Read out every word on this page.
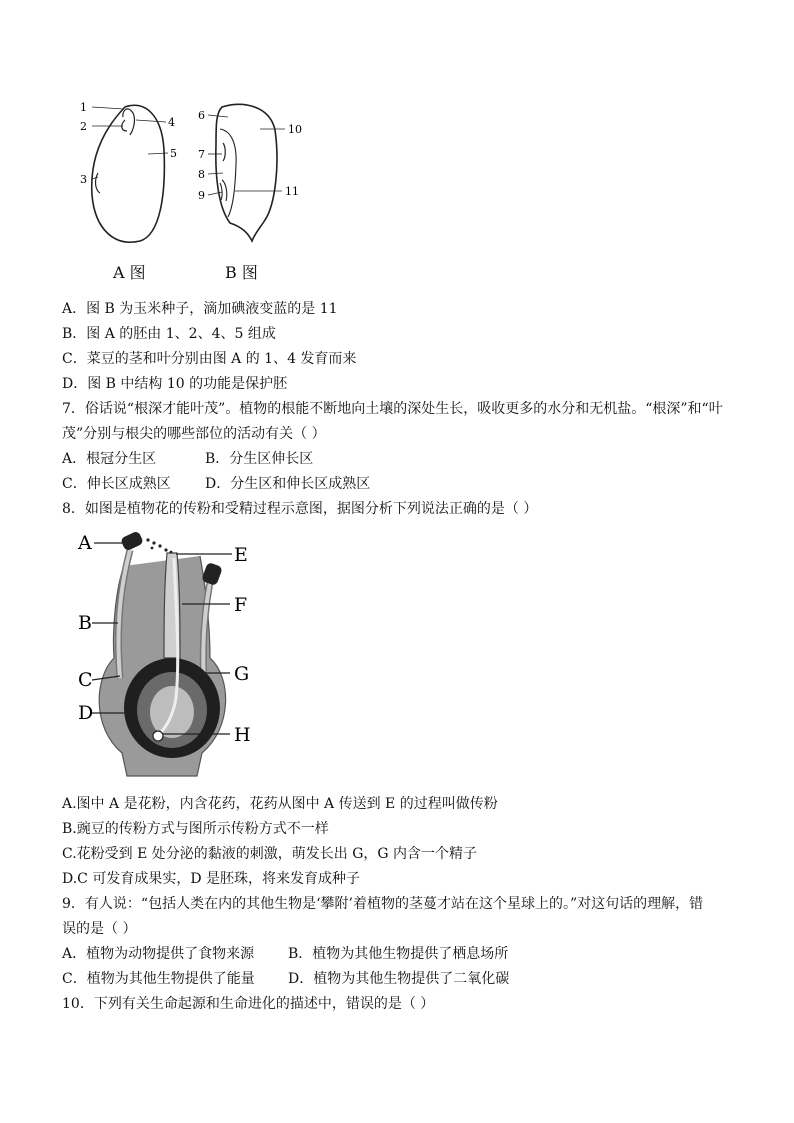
1
2
3
4
5
6
7
8
9
10
11
A 图	B 图
A．图 B 为玉米种子，滴加碘液变蓝的是 11
B．图 A 的胚由 1、2、4、5 组成
C．菜豆的茎和叶分别由图 A 的 1、4 发育而来
D．图 B 中结构 10 的功能是保护胚
7．俗话说“根深才能叶茂”。植物的根能不断地向土壤的深处生长，吸收更多的水分和无机盐。“根深”和“叶
茂”分别与根尖的哪些部位的活动有关（ ）
A．根冠分生区	B．分生区伸长区
C．伸长区成熟区 D．分生区和伸长区成熟区
8．如图是植物花的传粉和受精过程示意图，据图分析下列说法正确的是（ ）
A
B
C
D
E
F
G
H
A.图中 A 是花粉，内含花药，花药从图中 A 传送到 E 的过程叫做传粉
B.豌豆的传粉方式与图所示传粉方式不一样
C.花粉受到 E 处分泌的黏液的刺激，萌发长出 G，G 内含一个精子
D.C 可发育成果实，D 是胚珠，将来发育成种子
9．有人说：“包括人类在内的其他生物是‘攀附’着植物的茎蔓才站在这个星球上的。”对这句话的理解，错
误的是（ ）
A．植物为动物提供了食物来源 B．植物为其他生物提供了栖息场所
C．植物为其他生物提供了能量 D．植物为其他生物提供了二氧化碳
10．下列有关生命起源和生命进化的描述中，错误的是（ ）
